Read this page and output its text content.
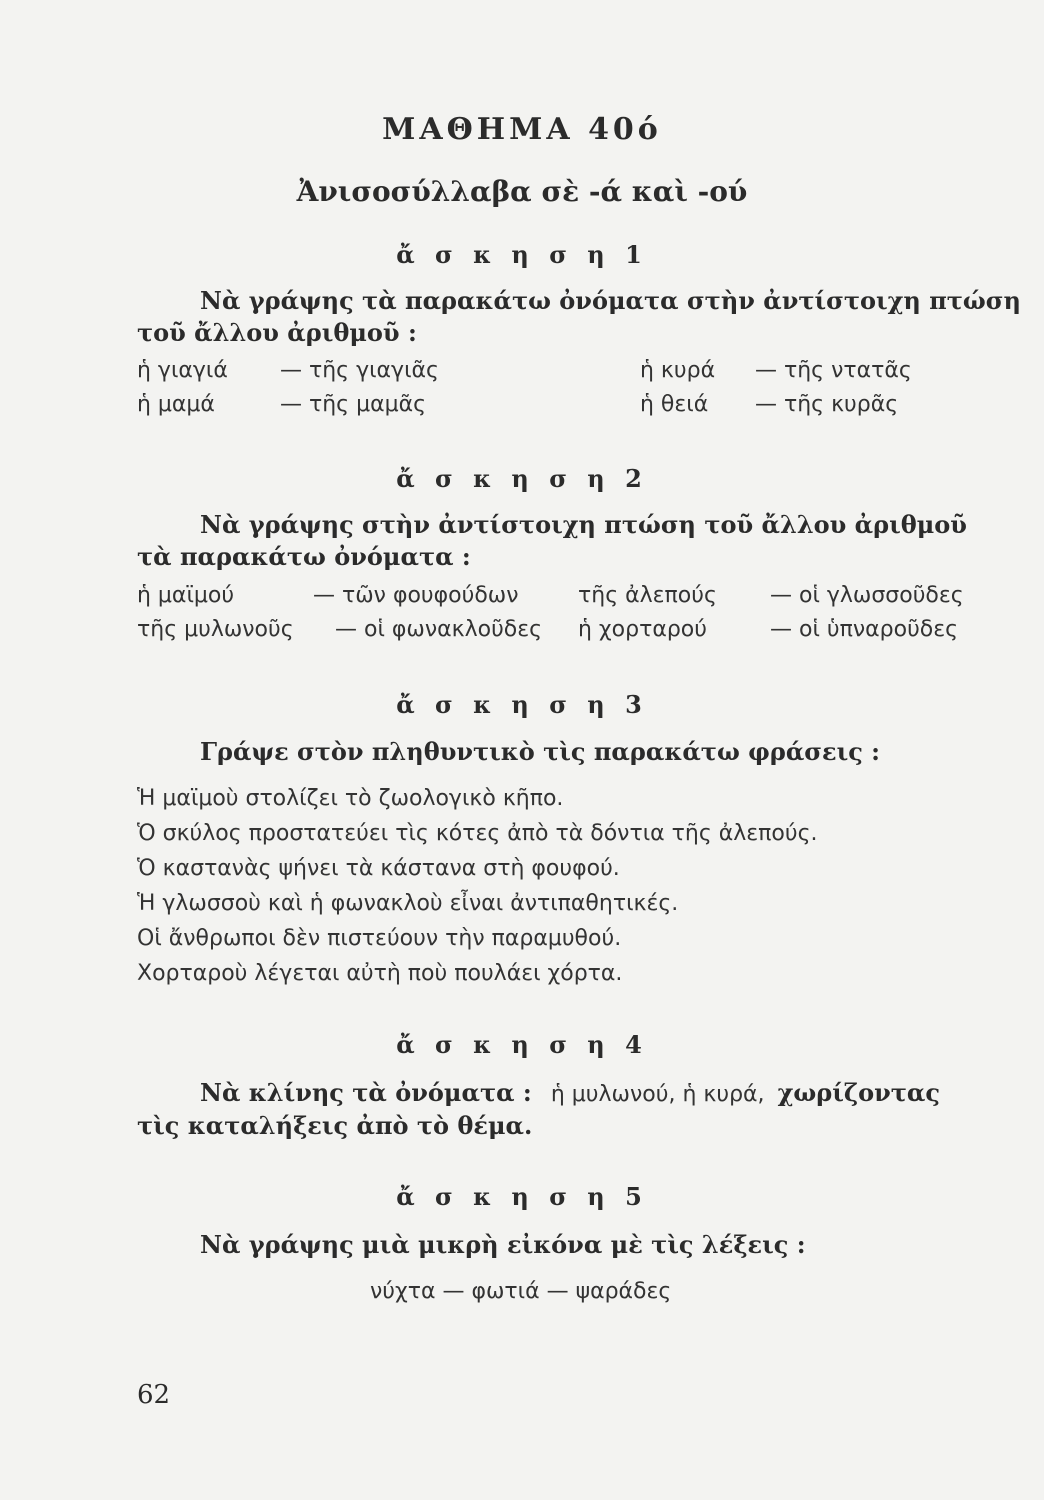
ΜΑΘΗΜΑ 40ό
Ἀνισοσύλλαβα σὲ -ά καὶ -ού
ἄ σ κ η σ η 1
Νὰ γράψης τὰ παρακάτω ὀνόματα στὴν ἀντίστοιχη πτώση
τοῦ ἄλλου ἀριθμοῦ :
ἡ γιαγιά — τῆς γιαγιᾶς	ἡ κυρά — τῆς ντατᾶς
ἡ μαμά	— τῆς μαμᾶς	ἡ θειά — τῆς κυρᾶς
ἄ σ κ η σ η 2
Νὰ γράψης στὴν ἀντίστοιχη πτώση τοῦ ἄλλου ἀριθμοῦ
τὰ παρακάτω ὀνόματα :
ἡ μαϊμού	— τῶν φουφούδων	τῆς ἀλεπούς — οἱ γλωσσοῦδες
τῆς μυλωνοῦς — οἱ φωνακλοῦδες ἡ χορταρού	— οἱ ὑπναροῦδες
ἄ σ κ η σ η 3
Γράψε στὸν πληθυντικὸ τὶς παρακάτω φράσεις :
Ἡ μαϊμοὺ στολίζει τὸ ζωολογικὸ κῆπο.
Ὁ σκύλος προστατεύει τὶς κότες ἀπὸ τὰ δόντια τῆς ἀλεπούς.
Ὁ καστανὰς ψήνει τὰ κάστανα στὴ φουφού.
Ἡ γλωσσοὺ καὶ ἡ φωνακλοὺ εἶναι ἀντιπαθητικές.
Οἱ ἄνθρωποι δὲν πιστεύουν τὴν παραμυθού.
Χορταροὺ λέγεται αὐτὴ ποὺ πουλάει χόρτα.
ἄ σ κ η σ η 4
Νὰ κλίνης τὰ ὀνόματα : ἡ μυλωνού, ἡ κυρά, χωρίζοντας
τὶς καταλήξεις ἀπὸ τὸ θέμα.
ἄ σ κ η σ η 5
Νὰ γράψης μιὰ μικρὴ εἰκόνα μὲ τὶς λέξεις :
νύχτα — φωτιά — ψαράδες
62
